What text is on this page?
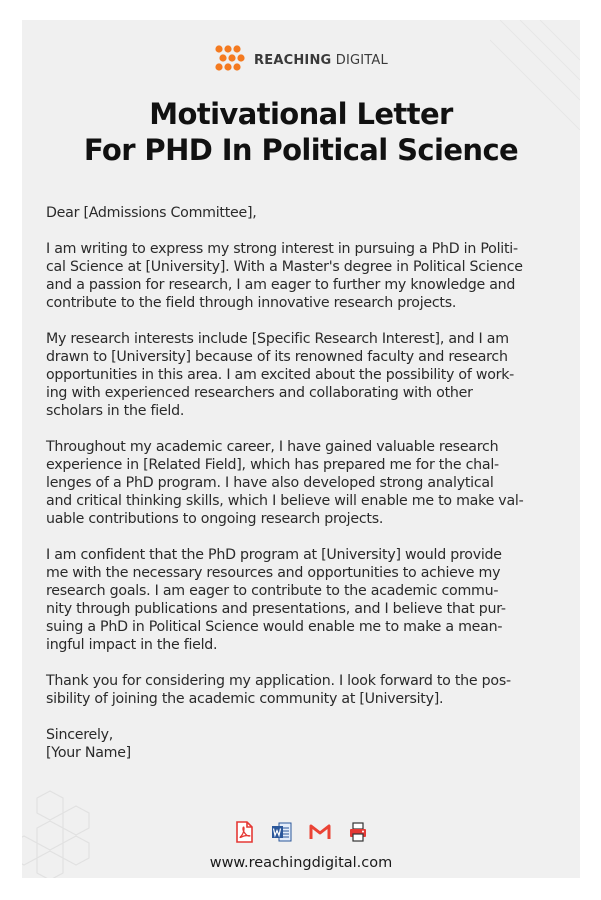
REACHING DIGITAL
Motivational Letter
For PHD In Political Science

Dear [Admissions Committee],

I am writing to express my strong interest in pursuing a PhD in Politi-
cal Science at [University]. With a Master's degree in Political Science
and a passion for research, I am eager to further my knowledge and
contribute to the field through innovative research projects.

My research interests include [Specific Research Interest], and I am
drawn to [University] because of its renowned faculty and research
opportunities in this area. I am excited about the possibility of work-
ing with experienced researchers and collaborating with other
scholars in the field.

Throughout my academic career, I have gained valuable research
experience in [Related Field], which has prepared me for the chal-
lenges of a PhD program. I have also developed strong analytical
and critical thinking skills, which I believe will enable me to make val-
uable contributions to ongoing research projects.

I am confident that the PhD program at [University] would provide
me with the necessary resources and opportunities to achieve my
research goals. I am eager to contribute to the academic commu-
nity through publications and presentations, and I believe that pur-
suing a PhD in Political Science would enable me to make a mean-
ingful impact in the field.

Thank you for considering my application. I look forward to the pos-
sibility of joining the academic community at [University].

Sincerely,
[Your Name]

www.reachingdigital.com
